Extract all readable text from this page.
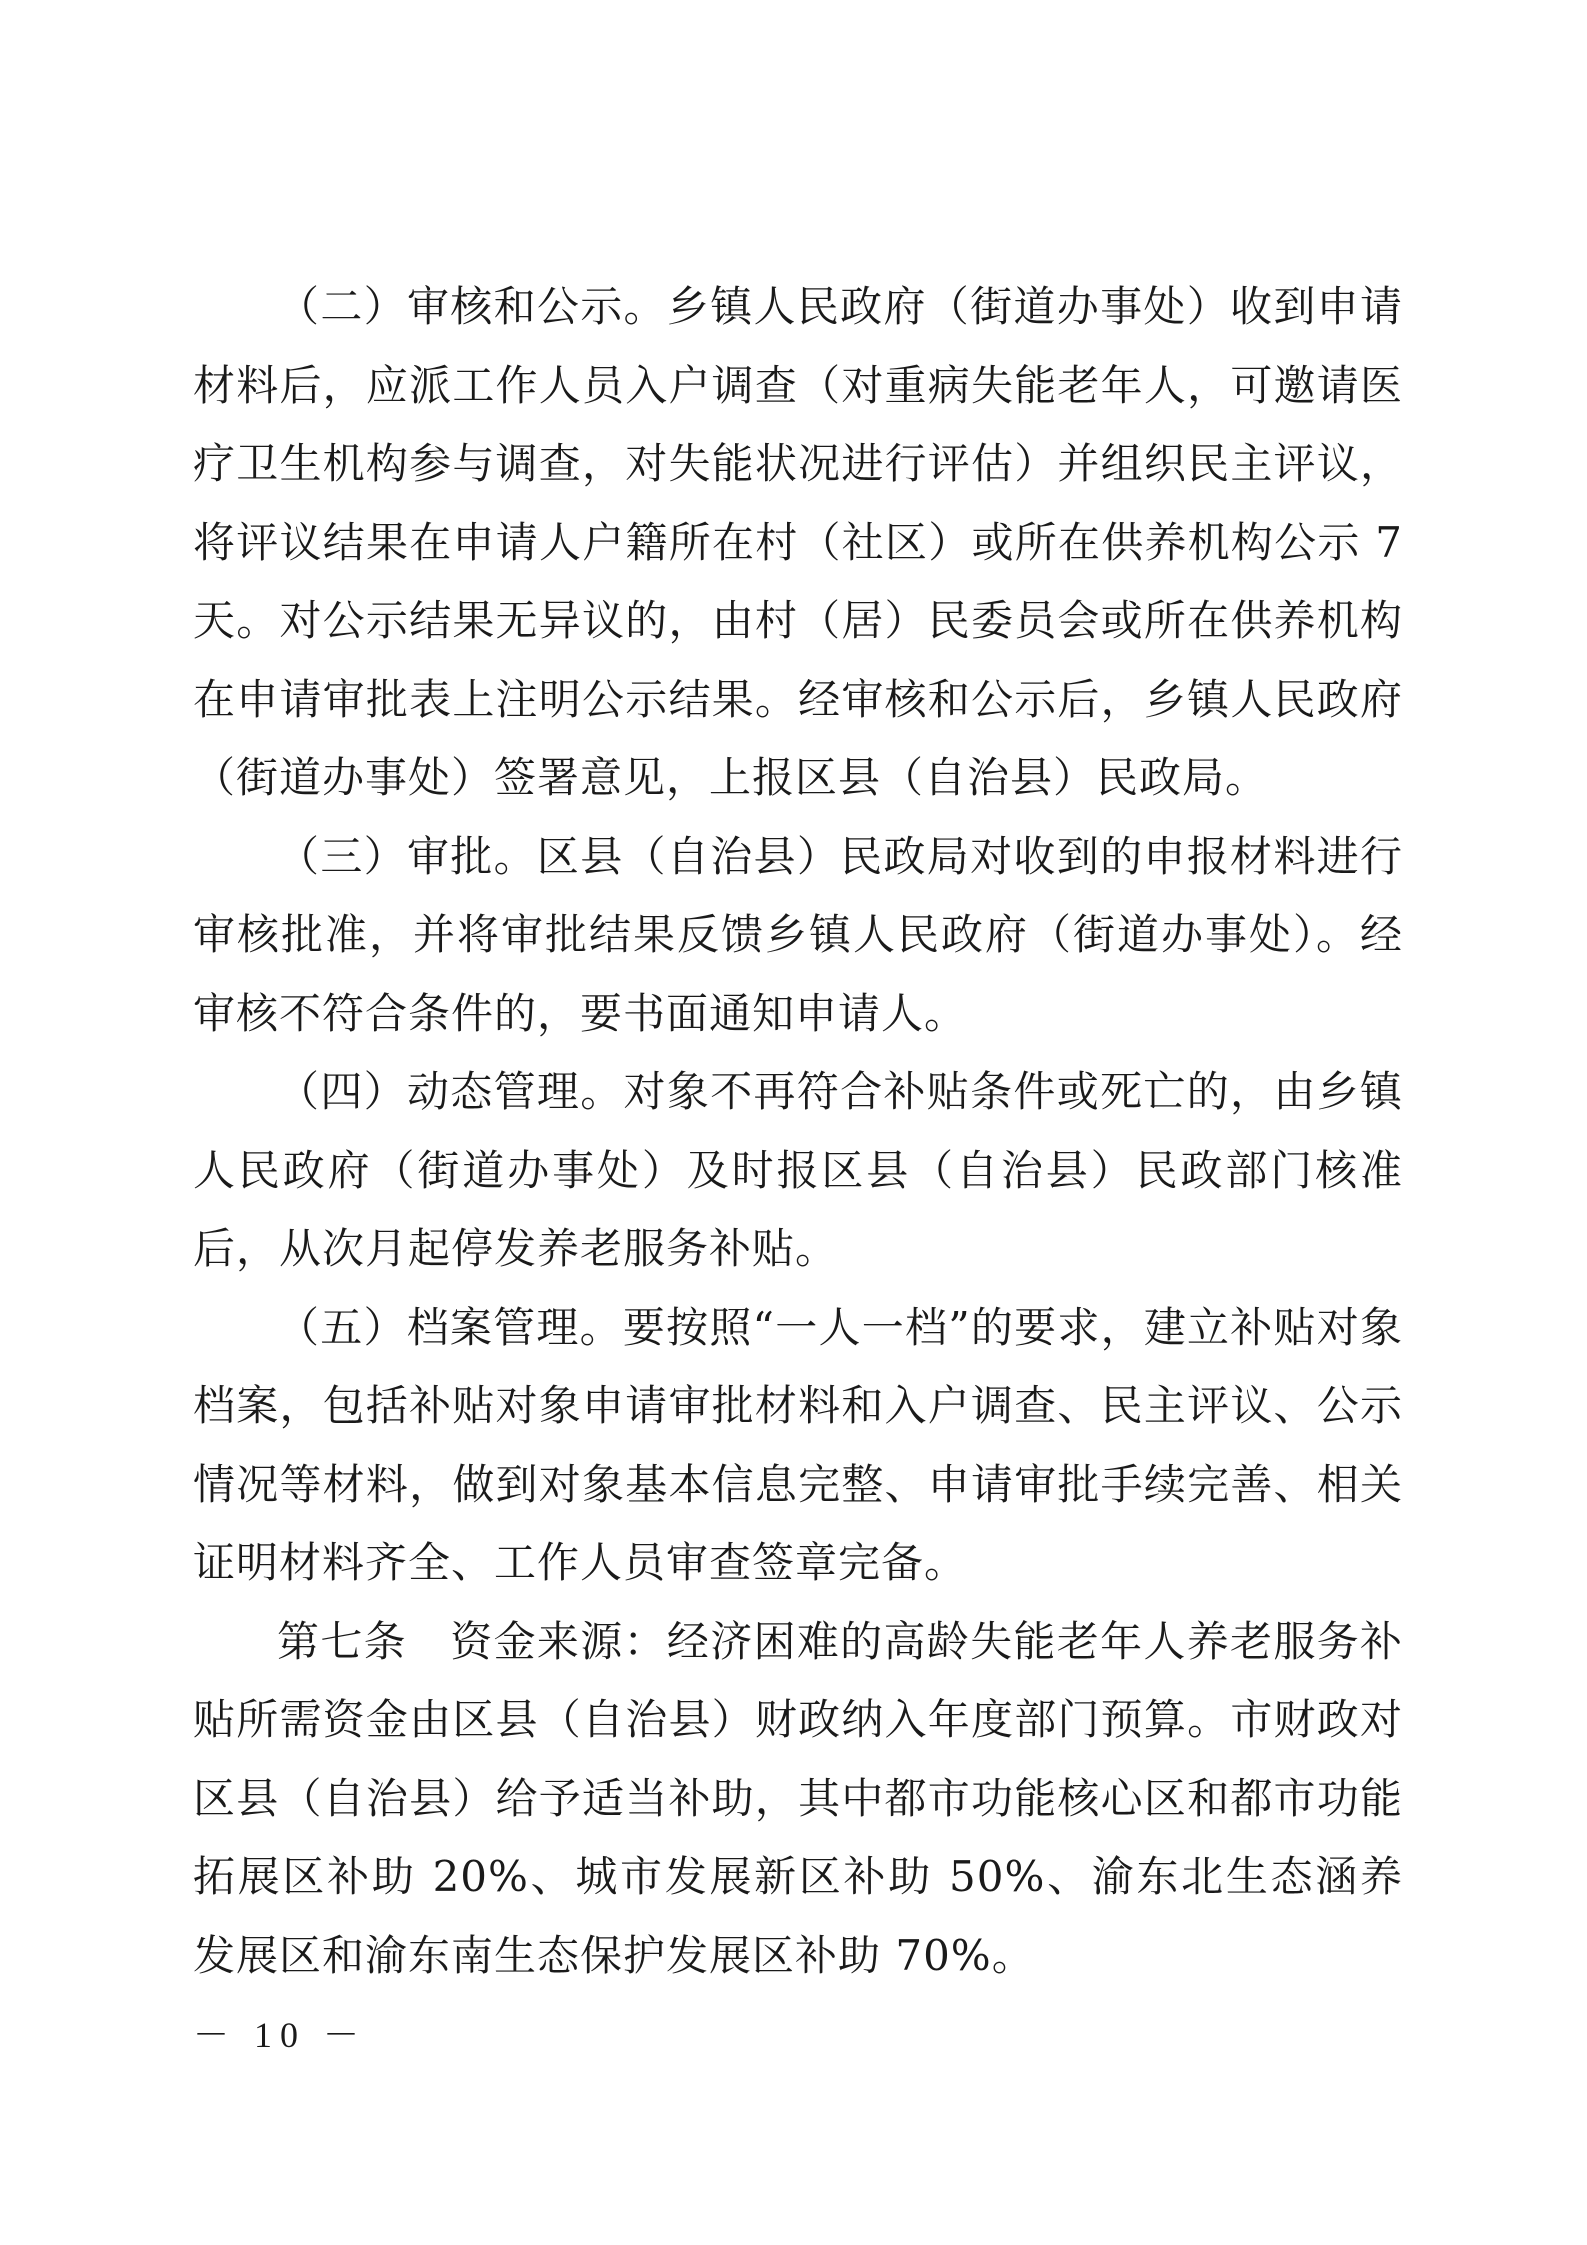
（二）审核和公示。乡镇人民政府（街道办事处）收到申请材料后，应派工作人员入户调查（对重病失能老年人，可邀请医疗卫生机构参与调查，对失能状况进行评估）并组织民主评议，将评议结果在申请人户籍所在村（社区）或所在供养机构公示 7 天。对公示结果无异议的，由村（居）民委员会或所在供养机构在申请审批表上注明公示结果。经审核和公示后，乡镇人民政府（街道办事处）签署意见，上报区县（自治县）民政局。

（三）审批。区县（自治县）民政局对收到的申报材料进行审核批准，并将审批结果反馈乡镇人民政府（街道办事处）。经审核不符合条件的，要书面通知申请人。

（四）动态管理。对象不再符合补贴条件或死亡的，由乡镇人民政府（街道办事处）及时报区县（自治县）民政部门核准后，从次月起停发养老服务补贴。

（五）档案管理。要按照“一人一档”的要求，建立补贴对象档案，包括补贴对象申请审批材料和入户调查、民主评议、公示情况等材料，做到对象基本信息完整、申请审批手续完善、相关证明材料齐全、工作人员审查签章完备。

第七条　资金来源：经济困难的高龄失能老年人养老服务补贴所需资金由区县（自治县）财政纳入年度部门预算。市财政对区县（自治县）给予适当补助，其中都市功能核心区和都市功能拓展区补助 20%、城市发展新区补助 50%、渝东北生态涵养发展区和渝东南生态保护发展区补助 70%。

－ 10 －
